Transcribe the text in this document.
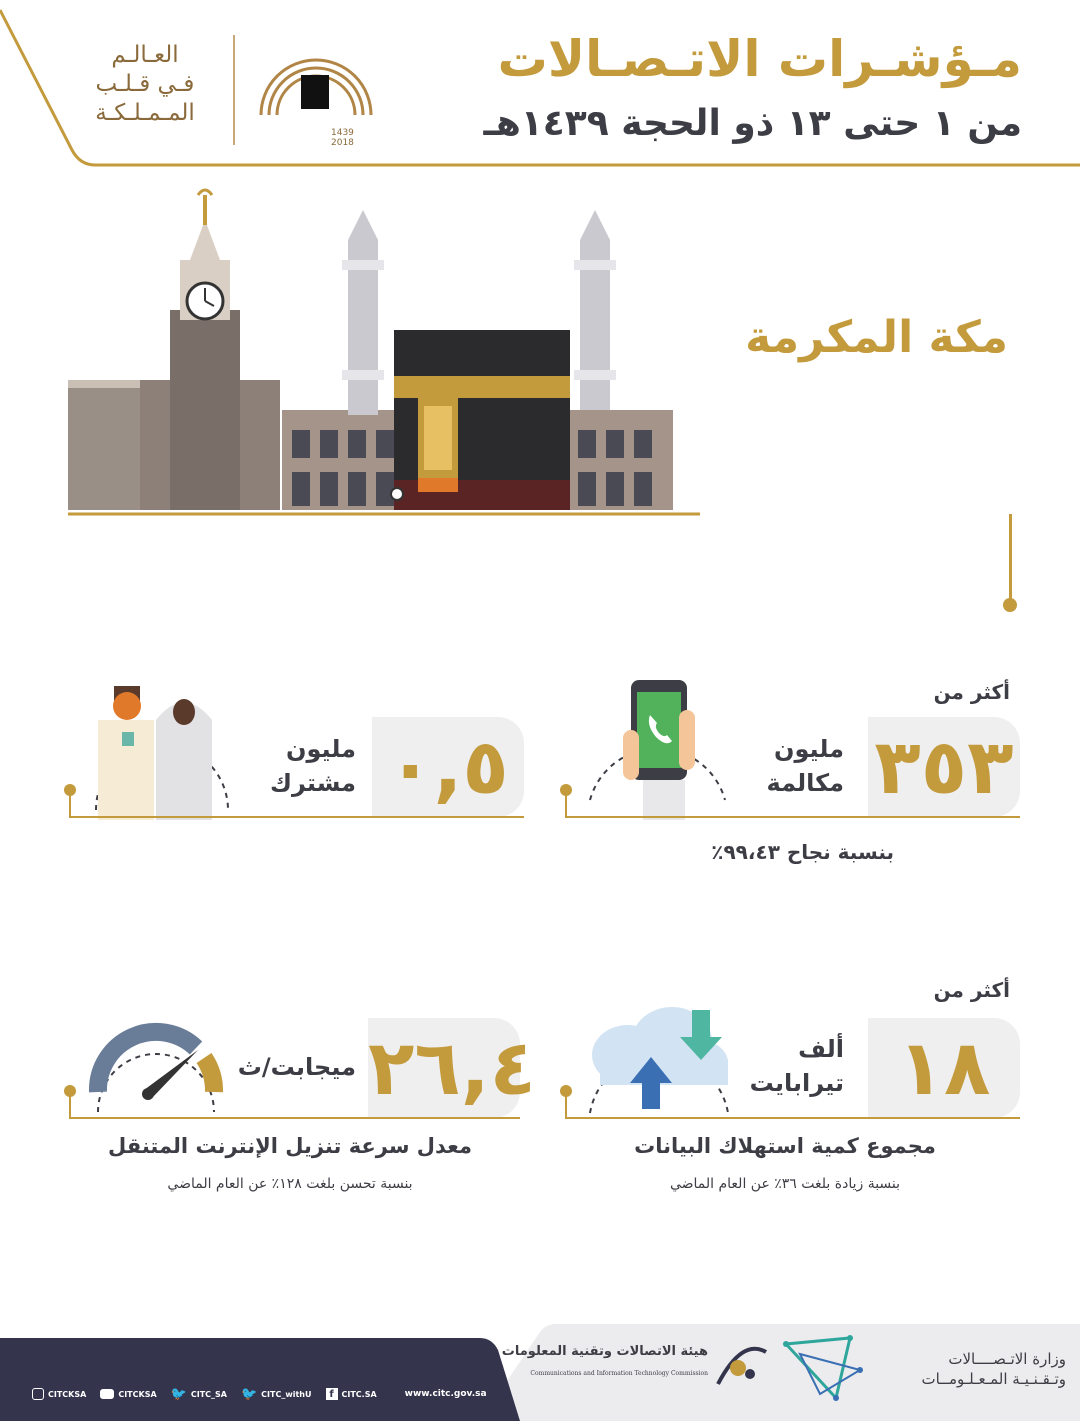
مـؤشـرات الاتـصـالات
من ١ حتى ١٣ ذو الحجة ١٤٣٩هـ
العـالـم
فـي قـلـب
المـمـلـكـة
1439
2018
مكة المكرمة
أكثر من
٣٥٣
مليون
مكالمة
بنسبة نجاح ٩٩،٤٣٪
٠,٥
مليون
مشترك
أكثر من
١٨
ألف
تيرابايت
مجموع كمية استهلاك البيانات
بنسبة زيادة بلغت ٣٦٪ عن العام الماضي
٢٦,٤
ميجابت/ث
معدل سرعة تنزيل الإنترنت المتنقل
بنسبة تحسن بلغت ١٢٨٪ عن العام الماضي
CITCKSA	CITCKSA 🐦 CITC_SA 🐦 CITC_withU	f CITC.SA	www.citc.gov.sa
هيئة الاتصالات وتقنية المعلومات
Communications and Information Technology Commission
وزارة الاتـصــــالات
وتـقـنـيـة المـعـلـومــات
